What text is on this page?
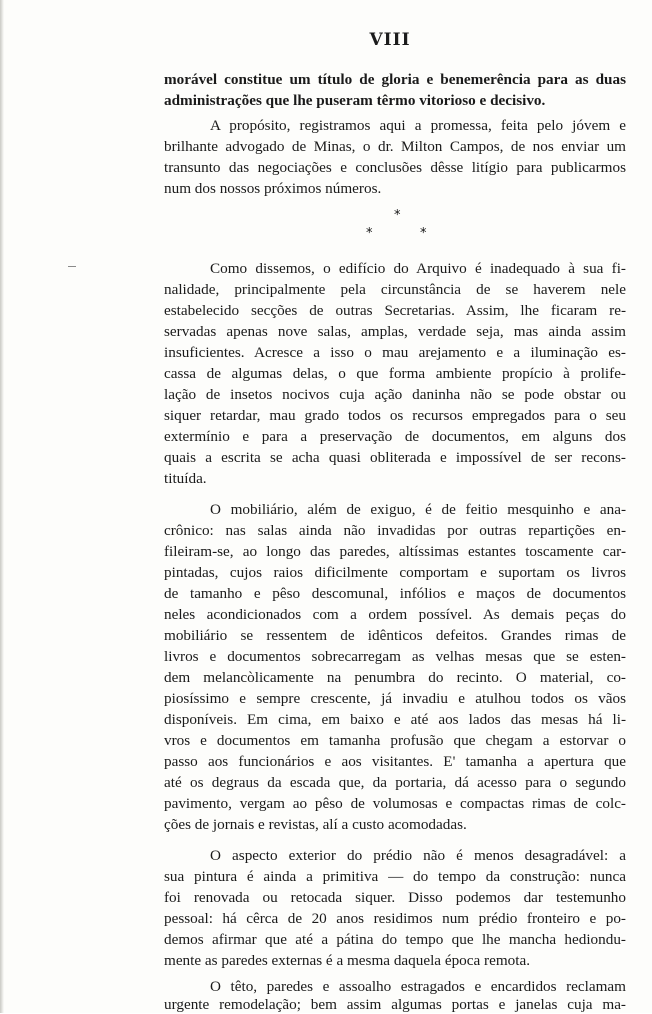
VIII

morável constitue um título de gloria e benemerência para as duas

administrações que lhe puseram têrmo vitorioso e decisivo.

A propósito, registramos aqui a promessa, feita pelo jóvem e

brilhante advogado de Minas, o dr. Milton Campos, de nos enviar um

transunto das negociações e conclusões dêsse litígio para publicarmos

num dos nossos próximos números.

*
*	*

Como dissemos, o edifício do Arquivo é inadequado à sua fi-

nalidade, principalmente pela circunstância de se haverem nele

estabelecido secções de outras Secretarias. Assim, lhe ficaram re-

servadas apenas nove salas, amplas, verdade seja, mas ainda assim

insuficientes. Acresce a isso o mau arejamento e a iluminação es-

cassa de algumas delas, o que forma ambiente propício à prolife-

lação de insetos nocivos cuja ação daninha não se pode obstar ou

siquer retardar, mau grado todos os recursos empregados para o seu

extermínio e para a preservação de documentos, em alguns dos

quais a escrita se acha quasi obliterada e impossível de ser recons-

tituída.

O mobiliário, além de exiguo, é de feitio mesquinho e ana-

crônico: nas salas ainda não invadidas por outras repartições en-

fileiram-se, ao longo das paredes, altíssimas estantes toscamente car-

pintadas, cujos raios dificilmente comportam e suportam os livros

de tamanho e pêso descomunal, infólios e maços de documentos

neles acondicionados com a ordem possível. As demais peças do

mobiliário se ressentem de idênticos defeitos. Grandes rimas de

livros e documentos sobrecarregam as velhas mesas que se esten-

dem melancòlicamente na penumbra do recinto. O material, co-

piosíssimo e sempre crescente, já invadiu e atulhou todos os vãos

disponíveis. Em cima, em baixo e até aos lados das mesas há li-

vros e documentos em tamanha profusão que chegam a estorvar o

passo aos funcionários e aos visitantes. E' tamanha a apertura que

até os degraus da escada que, da portaria, dá acesso para o segundo

pavimento, vergam ao pêso de volumosas e compactas rimas de colc-

ções de jornais e revistas, alí a custo acomodadas.

O aspecto exterior do prédio não é menos desagradável: a

sua pintura é ainda a primitiva — do tempo da construção: nunca

foi renovada ou retocada siquer. Disso podemos dar testemunho

pessoal: há cêrca de 20 anos residimos num prédio fronteiro e po-

demos afirmar que até a pátina do tempo que lhe mancha hediondu-

mente as paredes externas é a mesma daquela época remota.

O têto, paredes e assoalho estragados e encardidos reclamam

urgente remodelação; bem assim algumas portas e janelas cuja ma-
